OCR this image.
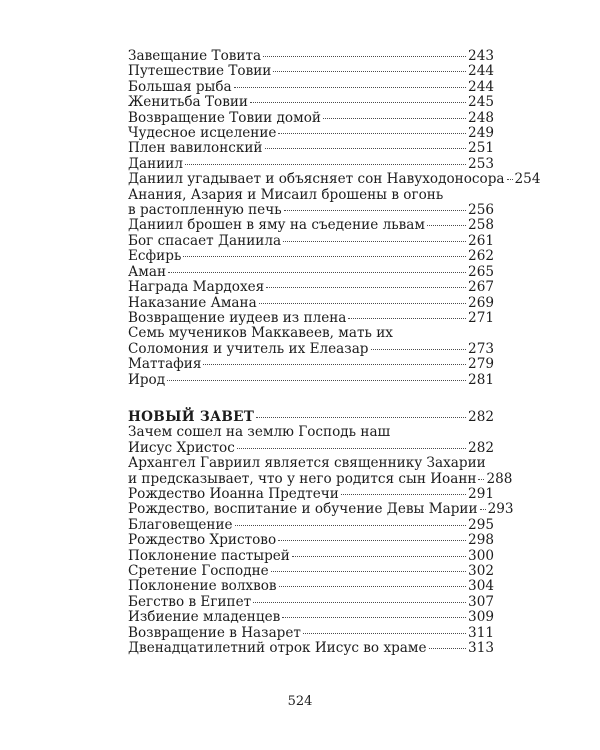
Завещание Товита	243
Путешествие Товии	244
Большая рыба	244
Женитьба Товии	245
Возвращение Товии домой	248
Чудесное исцеление	249
Плен вавилонский	251
Даниил	253
Даниил угадывает и объясняет сон Навуходоносора 254
Анания, Азария и Мисаил брошены в огонь
в растопленную печь	256
Даниил брошен в яму на съедение львам	258
Бог спасает Даниила	261
Есфирь	262
Аман	265
Награда Мардохея	267
Наказание Амана	269
Возвращение иудеев из плена	271
Семь мучеников Маккавеев, мать их
Соломония и учитель их Елеазар	273
Маттафия	279
Ирод	281
НОВЫЙ ЗАВЕТ	282
Зачем сошел на землю Господь наш
Иисус Христос	282
Архангел Гавриил является священнику Захарии
и предсказывает, что у него родится сын Иоанн 288
Рождество Иоанна Предтечи	291
Рождество, воспитание и обучение Девы Марии 293
Благовещение	295
Рождество Христово	298
Поклонение пастырей	300
Сретение Господне	302
Поклонение волхвов	304
Бегство в Египет	307
Избиение младенцев	309
Возвращение в Назарет	311
Двенадцатилетний отрок Иисус во храме	313
524
